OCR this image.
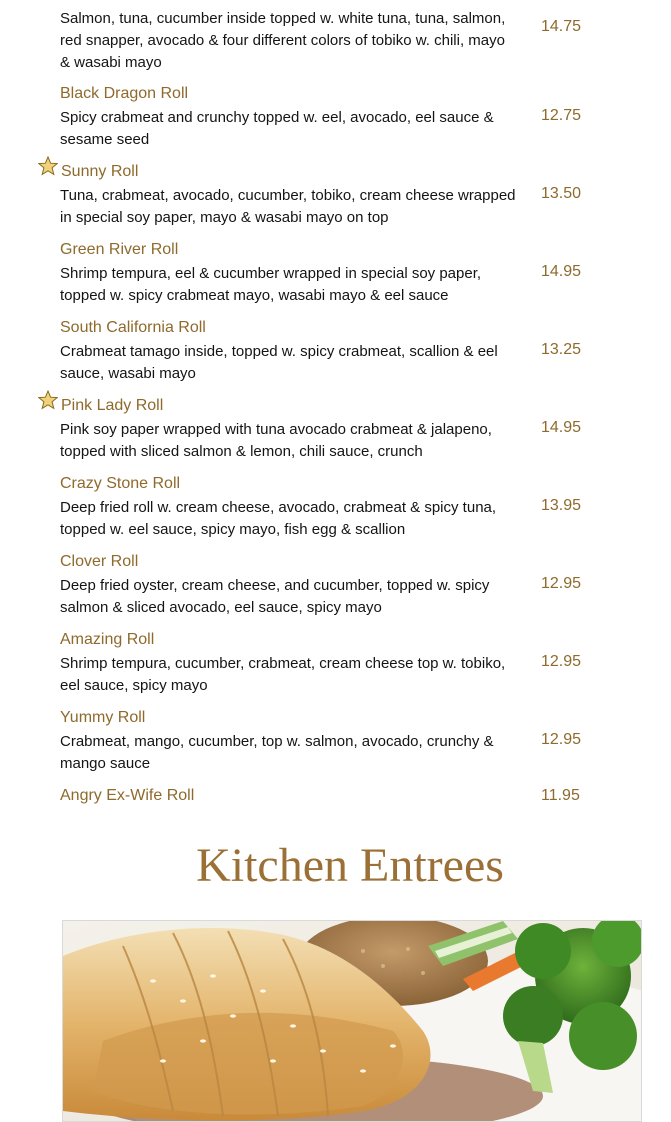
Salmon, tuna, cucumber inside topped w. white tuna, tuna, salmon, red snapper, avocado & four different colors of tobiko w. chili, mayo & wasabi mayo
14.75
Black Dragon Roll
Spicy crabmeat and crunchy topped w. eel, avocado, eel sauce & sesame seed
12.75
Sunny Roll
Tuna, crabmeat, avocado, cucumber, tobiko, cream cheese wrapped in special soy paper, mayo & wasabi mayo on top
13.50
Green River Roll
Shrimp tempura, eel & cucumber wrapped in special soy paper, topped w. spicy crabmeat mayo, wasabi mayo & eel sauce
14.95
South California Roll
Crabmeat tamago inside, topped w. spicy crabmeat, scallion & eel sauce, wasabi mayo
13.25
Pink Lady Roll
Pink soy paper wrapped with tuna avocado crabmeat & jalapeno, topped with sliced salmon & lemon, chili sauce, crunch
14.95
Crazy Stone Roll
Deep fried roll w. cream cheese, avocado, crabmeat & spicy tuna, topped w. eel sauce, spicy mayo, fish egg & scallion
13.95
Clover Roll
Deep fried oyster, cream cheese, and cucumber, topped w. spicy salmon & sliced avocado, eel sauce, spicy mayo
12.95
Amazing Roll
Shrimp tempura, cucumber, crabmeat, cream cheese top w. tobiko, eel sauce, spicy mayo
12.95
Yummy Roll
Crabmeat, mango, cucumber, top w. salmon, avocado, crunchy & mango sauce
12.95
Angry Ex-Wife Roll	11.95
Kitchen Entrees
